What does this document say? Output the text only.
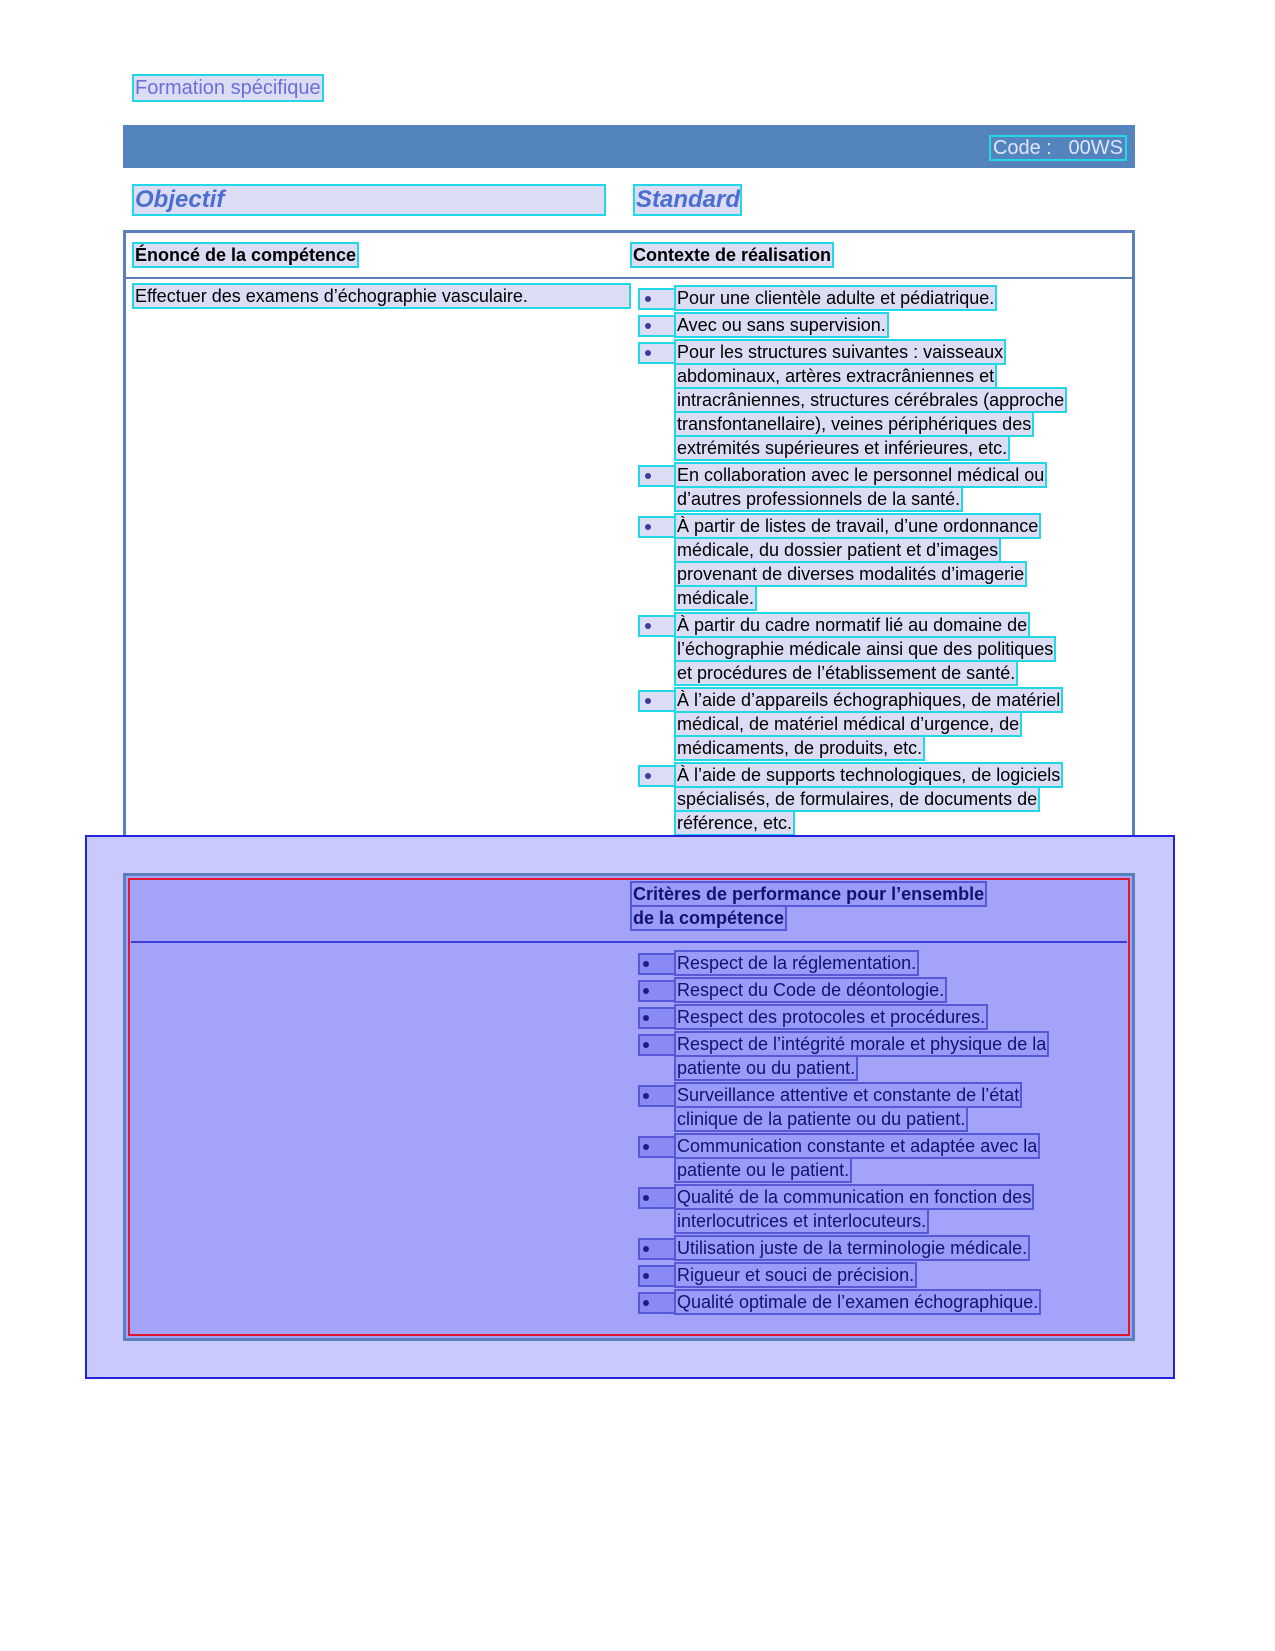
Formation spécifique
Code :   00WS
Objectif	Standard
Énoncé de la compétence	Contexte de réalisation
Effectuer des examens d’échographie vasculaire.	Pour une clientèle adulte et pédiatrique.
Avec ou sans supervision.
Pour les structures suivantes : vaisseaux
abdominaux, artères extracrâniennes et
intracrâniennes, structures cérébrales (approche
transfontanellaire), veines périphériques des
extrémités supérieures et inférieures, etc.
En collaboration avec le personnel médical ou
d’autres professionnels de la santé.
À partir de listes de travail, d’une ordonnance
médicale, du dossier patient et d’images
provenant de diverses modalités d’imagerie
médicale.
À partir du cadre normatif lié au domaine de
l’échographie médicale ainsi que des politiques
et procédures de l’établissement de santé.
À l’aide d’appareils échographiques, de matériel
médical, de matériel médical d’urgence, de
médicaments, de produits, etc.
À l’aide de supports technologiques, de logiciels
spécialisés, de formulaires, de documents de
référence, etc.
Critères de performance pour l’ensemble
de la compétence
Respect de la réglementation.
Respect du Code de déontologie.
Respect des protocoles et procédures.
Respect de l’intégrité morale et physique de la
patiente ou du patient.
Surveillance attentive et constante de l’état
clinique de la patiente ou du patient.
Communication constante et adaptée avec la
patiente ou le patient.
Qualité de la communication en fonction des
interlocutrices et interlocuteurs.
Utilisation juste de la terminologie médicale.
Rigueur et souci de précision.
Qualité optimale de l’examen échographique.
